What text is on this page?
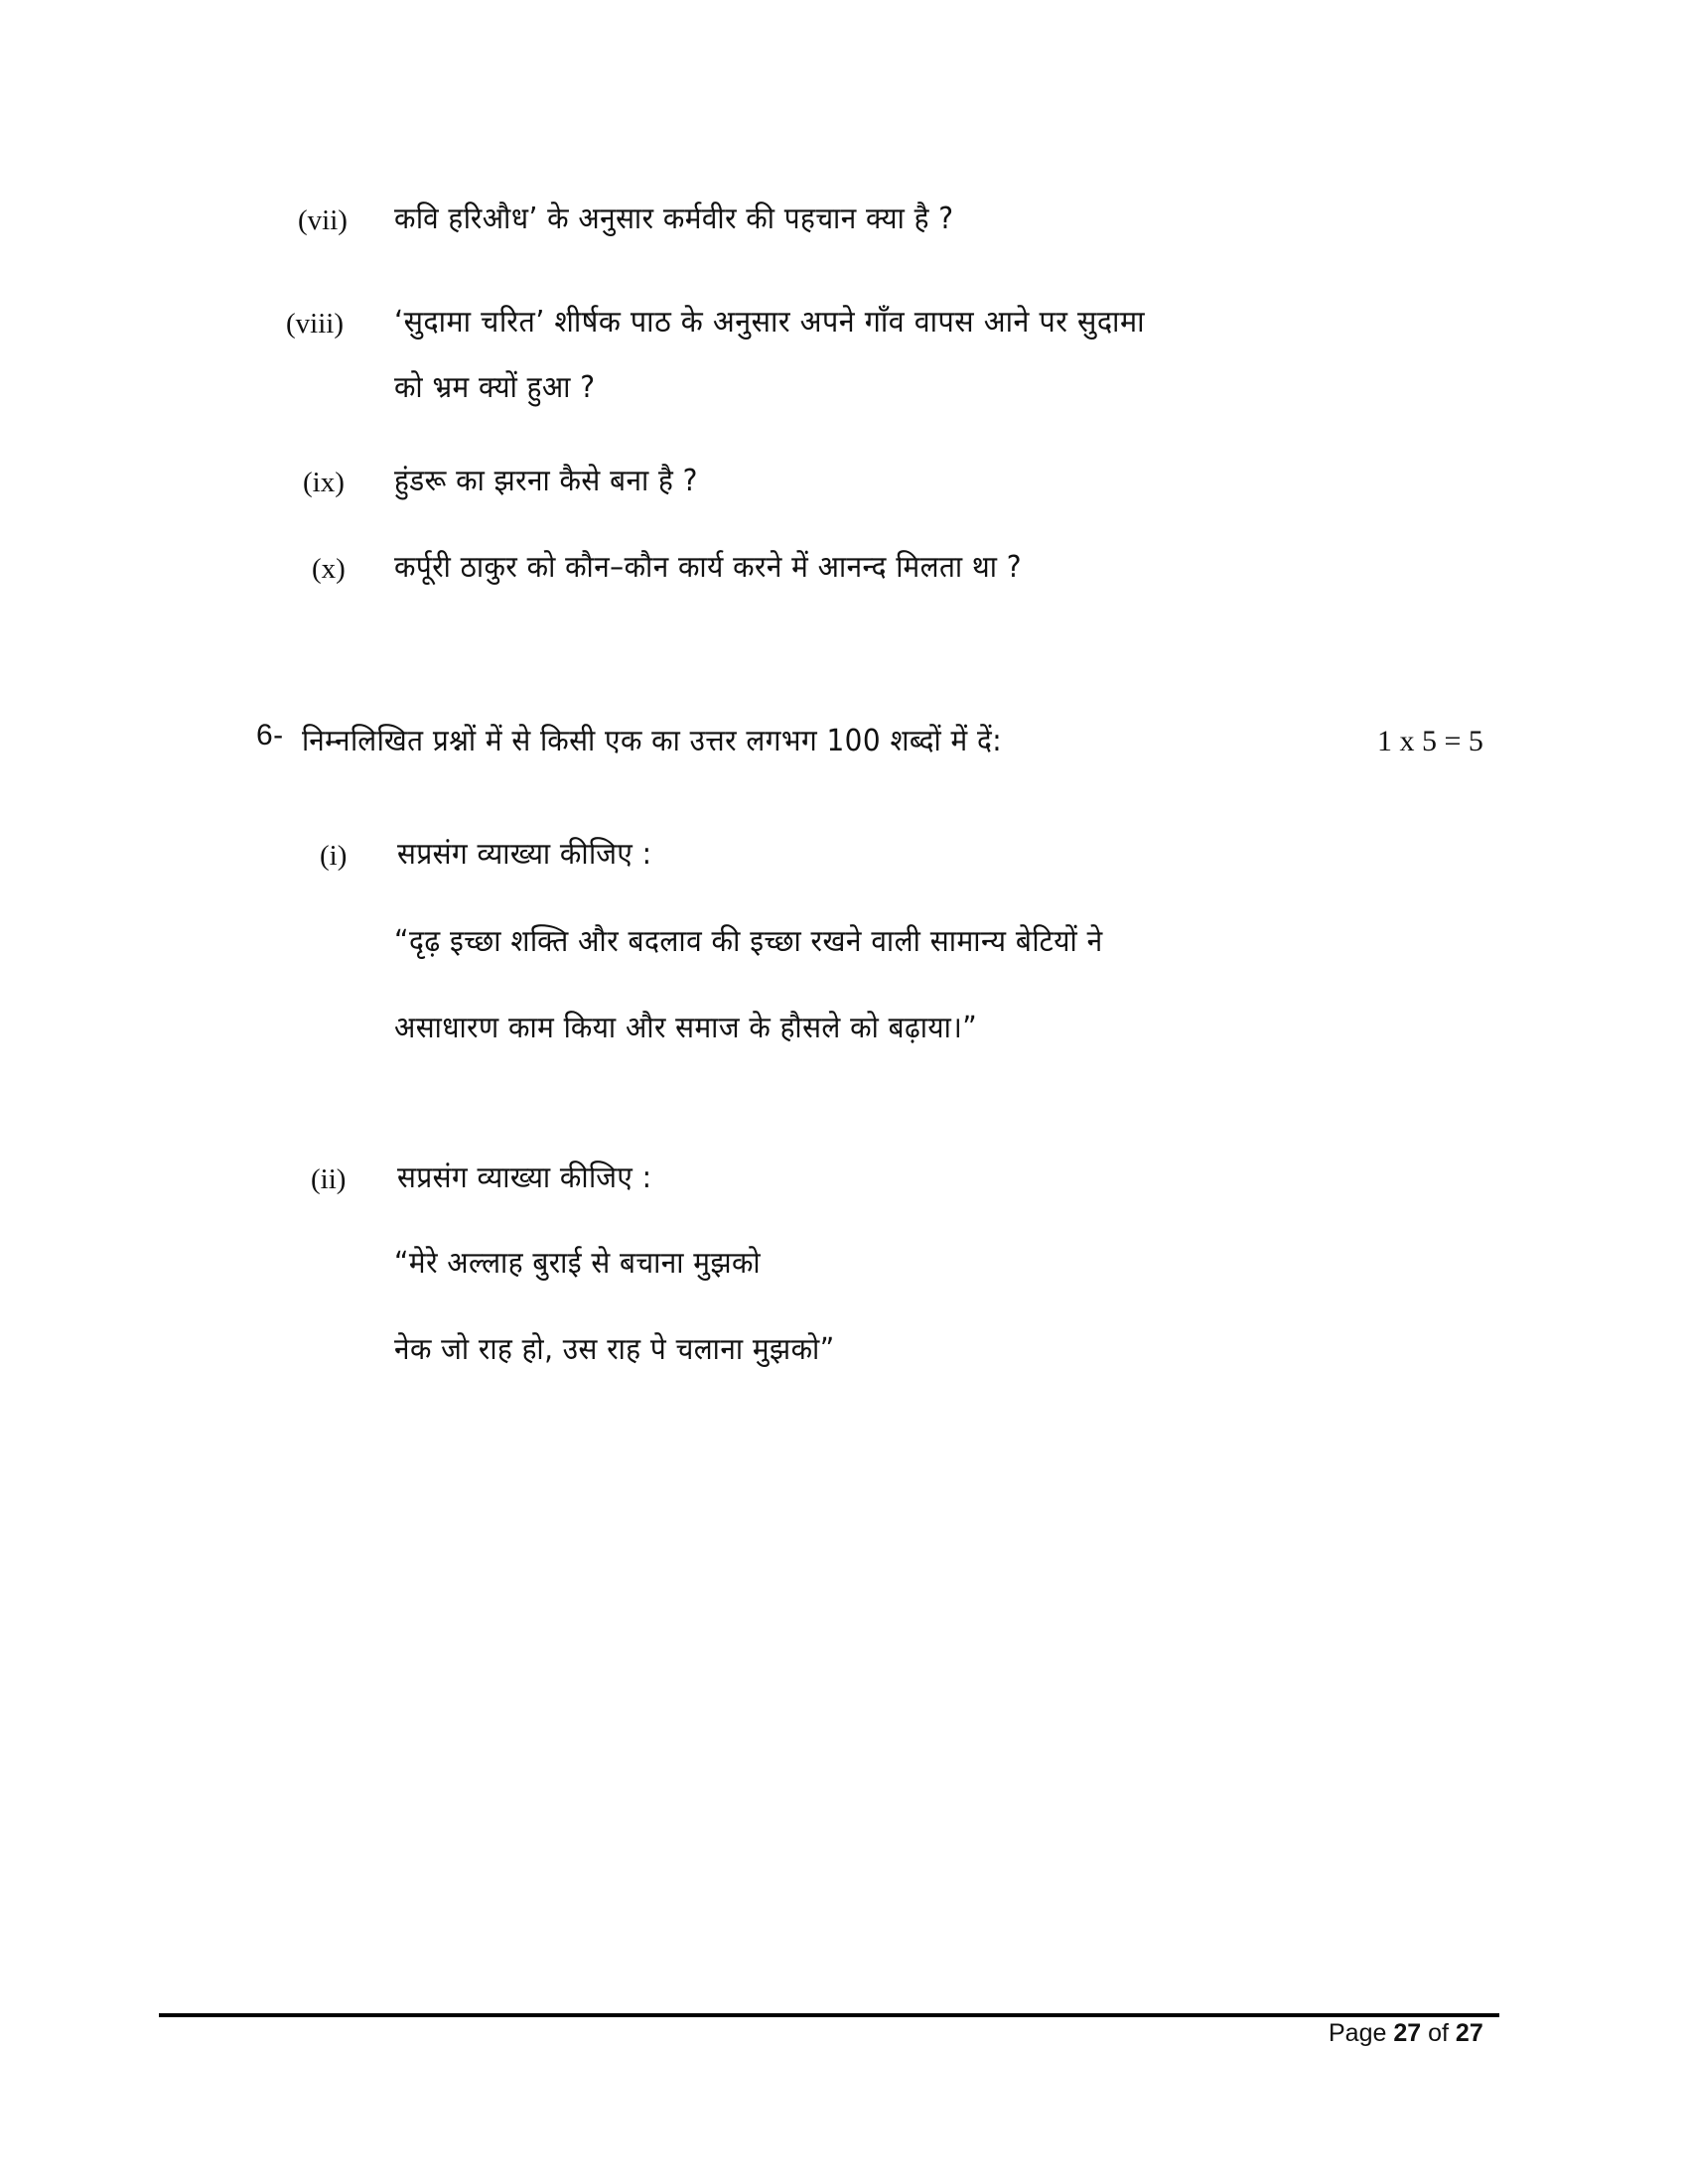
(vii) कवि हरिऔध’ के अनुसार कर्मवीर की पहचान क्या है ?
(viii) ‘सुदामा चरित’ शीर्षक पाठ के अनुसार अपने गाँव वापस आने पर सुदामा
को भ्रम क्यों हुआ ?
(ix) हुंडरू का झरना कैसे बना है ?
(x) कर्पूरी ठाकुर को कौन–कौन कार्य करने में आनन्द मिलता था ?
6- निम्नलिखित प्रश्नों में से किसी एक का उत्तर लगभग 100 शब्दों में दें:	1 x 5 = 5
(i) सप्रसंग व्याख्या कीजिए :
“दृढ़ इच्छा शक्ति और बदलाव की इच्छा रखने वाली सामान्य बेटियों ने
असाधारण काम किया और समाज के हौसले को बढ़ाया।”
(ii) सप्रसंग व्याख्या कीजिए :
“मेरे अल्लाह बुराई से बचाना मुझको
नेक जो राह हो, उस राह पे चलाना मुझको”
Page 27 of 27
